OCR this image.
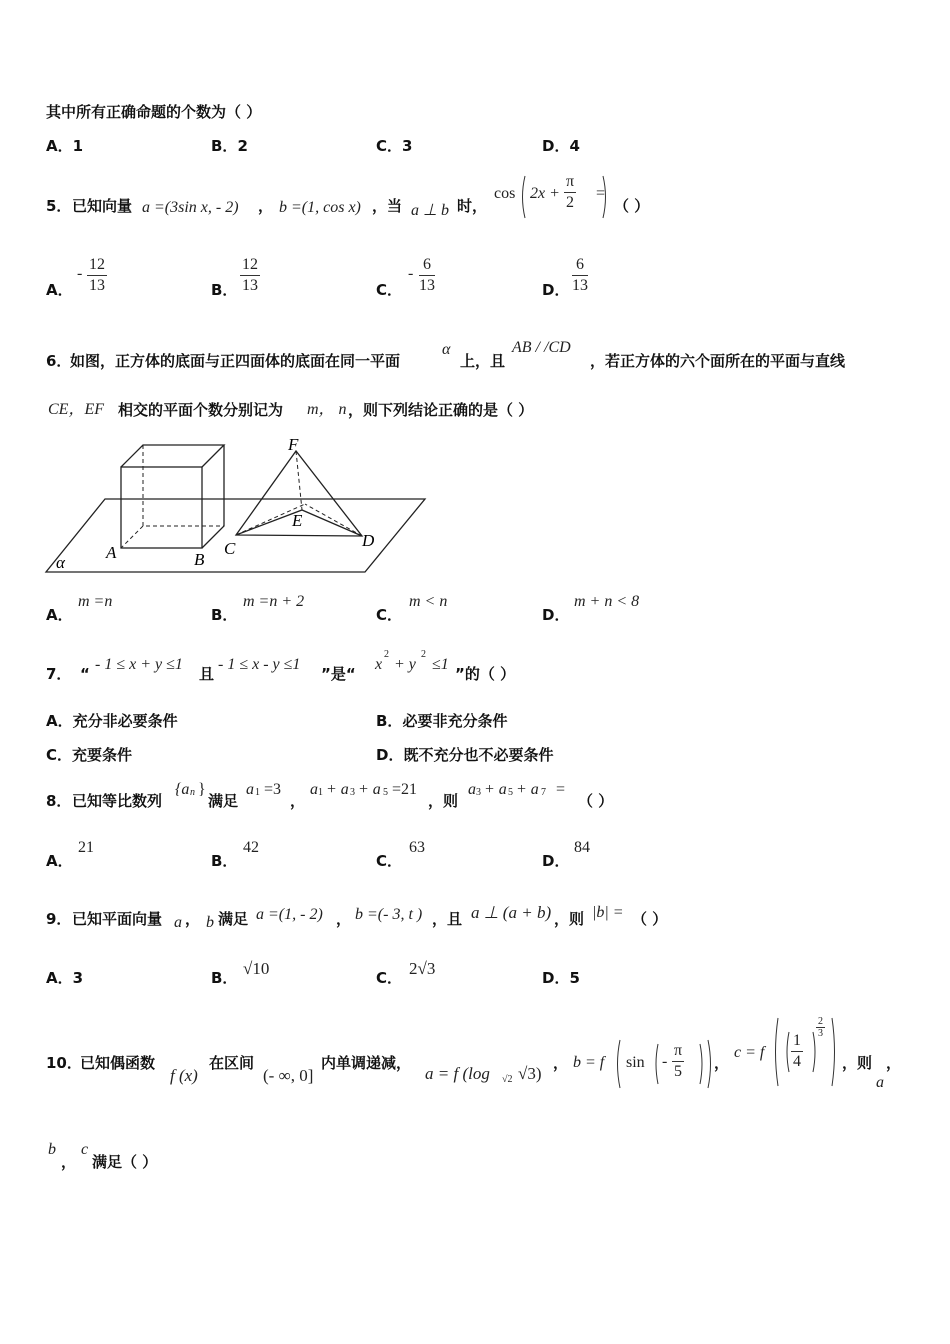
其中所有正确命题的个数为（ ）
A．1	B．2	C．3	D．4
5． 已知向量 a =(3sin x, - 2) ， b =(1, cos x) ，当 a ⊥ b 时，
$\cos 2x + \frac{\pi}{2}$ =
（ ）
A．
- $\frac{12}{13}$	B． $\frac{12}{13}$	C．
- $\frac{6}{13}$	D． $\frac{6}{13}$
6．
如图，正方体的底面与正四面体的底面在同一平面
α
上，且
AB / /CD
，若正方体的六个面所在的平面与直线
CE，EF 相交的平面个数分别记为 m， n ，则下列结论正确的是（ ）
A	B
C	D
E
F
α
A．
m =n
B．
m =n + 2
C．
m < n
D．
m + n < 8
7． “
- 1 ≤ x + y ≤1
且
- 1 ≤ x - y ≤1
”是“
x
2
+ y
2
≤1
”的（ ）
A．充分非必要条件	B．必要非充分条件
C．充要条件	D．既不充分也不必要条件
8． 已知等比数列
{a n }
满足
a 1 =3
，
a 1 + a 3 + a 5 =21
，则
a 3 + a 5 + a 7 =
（ ）
A．
21
B．
42
C．
63
D．
84
9． 已知平面向量 a ， b 满足 a =(1, - 2) ， b =(- 3, t ) ，且 a ⊥ (a + b) ，则 |b| = （ ）
A．3	B． √10	C． 2√3	D．5
10．
已知偶函数
f (x)
在区间
(- ∞, 0]
内单调递减，
a = f (log √2 √3)
， b = f sin - $\frac{\pi}{5}$ ，
c = f $\frac{1}{4}$
$\frac{2}{3}$
，则
a
，
b
，
c
满足（ ）
